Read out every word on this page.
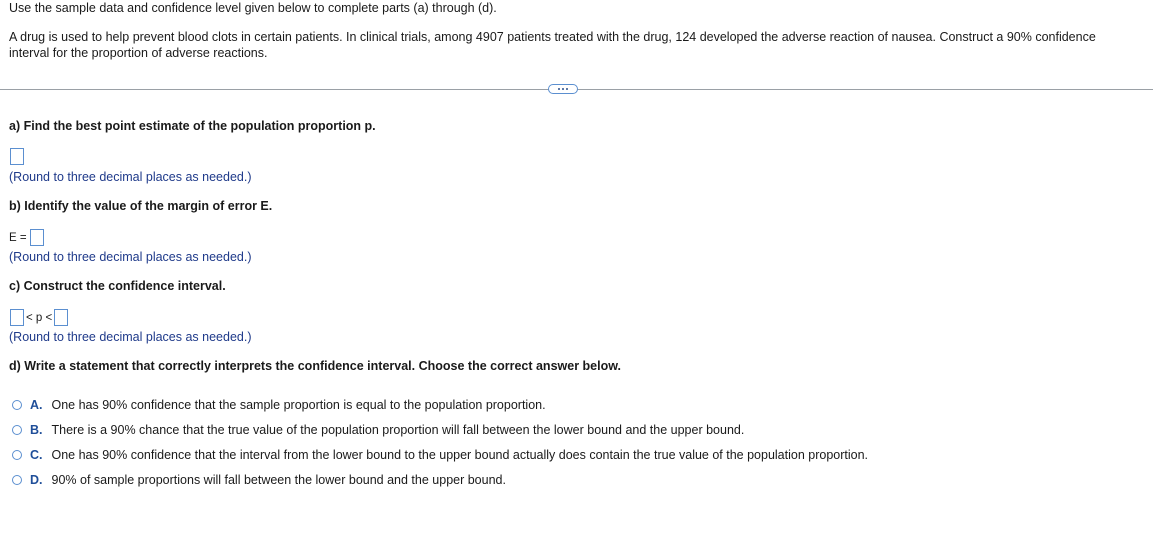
Use the sample data and confidence level given below to complete parts (a) through (d).
A drug is used to help prevent blood clots in certain patients. In clinical trials, among 4907 patients treated with the drug, 124 developed the adverse reaction of nausea. Construct a 90% confidence
interval for the proportion of adverse reactions.
a) Find the best point estimate of the population proportion p.
(Round to three decimal places as needed.)
b) Identify the value of the margin of error E.
E =
(Round to three decimal places as needed.)
c) Construct the confidence interval.
< p <
(Round to three decimal places as needed.)
d) Write a statement that correctly interprets the confidence interval. Choose the correct answer below.
A. One has 90% confidence that the sample proportion is equal to the population proportion.
B. There is a 90% chance that the true value of the population proportion will fall between the lower bound and the upper bound.
C. One has 90% confidence that the interval from the lower bound to the upper bound actually does contain the true value of the population proportion.
D. 90% of sample proportions will fall between the lower bound and the upper bound.
